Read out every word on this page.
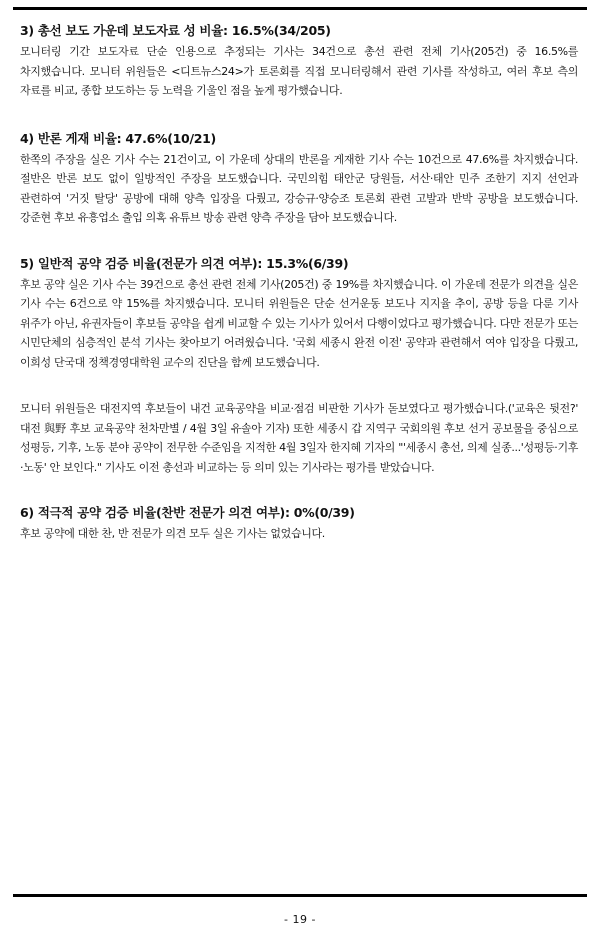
3) 총선 보도 가운데 보도자료 성 비율: 16.5%(34/205)

모니터링 기간 보도자료 단순 인용으로 추정되는 기사는 34건으로 총선 관련 전체 기사(205건) 중 16.5%를 차지했습니다. 모니터 위원들은 <디트뉴스24>가 토론회를 직접 모니터링해서 관련 기사를 작성하고, 여러 후보 측의 자료를 비교, 종합 보도하는 등 노력을 기울인 점을 높게 평가했습니다.

4) 반론 게재 비율: 47.6%(10/21)

한쪽의 주장을 실은 기사 수는 21건이고, 이 가운데 상대의 반론을 게재한 기사 수는 10건으로 47.6%를 차지했습니다. 절반은 반론 보도 없이 일방적인 주장을 보도했습니다. 국민의힘 태안군 당원들, 서산·태안 민주 조한기 지지 선언과 관련하여 '거짓 탈당' 공방에 대해 양측 입장을 다뤘고, 강승규·양승조 토론회 관련 고발과 반박 공방을 보도했습니다. 강준현 후보 유흥업소 출입 의혹 유튜브 방송 관련 양측 주장을 담아 보도했습니다.

5) 일반적 공약 검증 비율(전문가 의견 여부): 15.3%(6/39)

후보 공약 실은 기사 수는 39건으로 총선 관련 전체 기사(205건) 중 19%를 차지했습니다. 이 가운데 전문가 의견을 실은 기사 수는 6건으로 약 15%를 차지했습니다. 모니터 위원들은 단순 선거운동 보도나 지지율 추이, 공방 등을 다룬 기사 위주가 아닌, 유권자들이 후보들 공약을 쉽게 비교할 수 있는 기사가 있어서 다행이었다고 평가했습니다. 다만 전문가 또는 시민단체의 심층적인 분석 기사는 찾아보기 어려웠습니다. '국회 세종시 완전 이전' 공약과 관련해서 여야 입장을 다뤘고, 이희성 단국대 정책경영대학원 교수의 진단을 함께 보도했습니다.

모니터 위원들은 대전지역 후보들이 내건 교육공약을 비교·점검 비판한 기사가 돋보였다고 평가했습니다.('교육은 뒷전?' 대전 與野 후보 교육공약 천차만별 / 4월 3일 유솔아 기자) 또한 세종시 갑 지역구 국회의원 후보 선거 공보물을 중심으로 성평등, 기후, 노동 분야 공약이 전무한 수준임을 지적한 4월 3일자 한지혜 기자의 "'세종시 총선, 의제 실종...'성평등·기후·노동' 안 보인다." 기사도 이전 총선과 비교하는 등 의미 있는 기사라는 평가를 받았습니다.

6) 적극적 공약 검증 비율(찬반 전문가 의견 여부): 0%(0/39)

후보 공약에 대한 찬, 반 전문가 의견 모두 실은 기사는 없었습니다.

- 19 -
